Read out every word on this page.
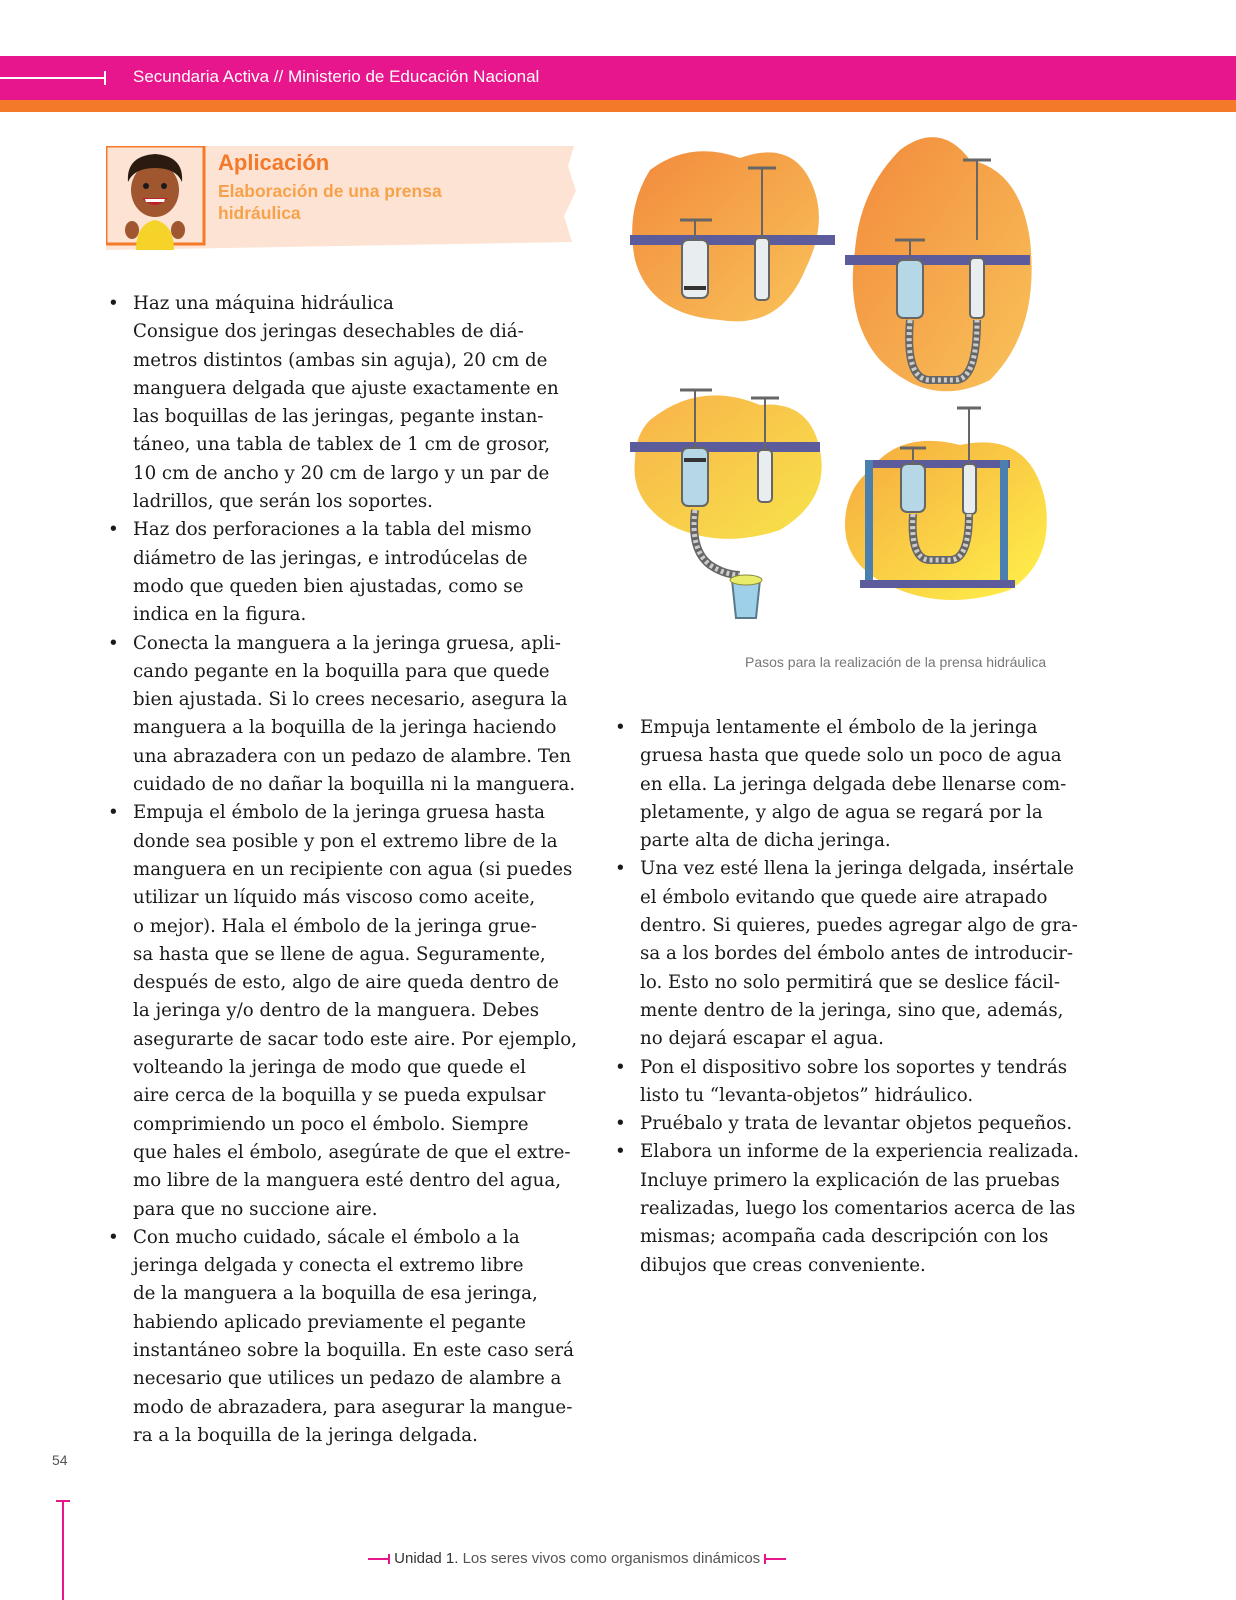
Secundaria Activa // Ministerio de Educación Nacional
Aplicación
Elaboración de una prensa hidráulica
• Haz una máquina hidráulica
Consigue dos jeringas desechables de diá-
metros distintos (ambas sin aguja), 20 cm de
manguera delgada que ajuste exactamente en
las boquillas de las jeringas, pegante instan-
táneo, una tabla de tablex de 1 cm de grosor,
10 cm de ancho y 20 cm de largo y un par de
ladrillos, que serán los soportes.
• Haz dos perforaciones a la tabla del mismo
diámetro de las jeringas, e introdúcelas de
modo que queden bien ajustadas, como se
indica en la figura.
• Conecta la manguera a la jeringa gruesa, apli-
cando pegante en la boquilla para que quede
bien ajustada. Si lo crees necesario, asegura la
manguera a la boquilla de la jeringa haciendo
una abrazadera con un pedazo de alambre. Ten
cuidado de no dañar la boquilla ni la manguera.
• Empuja el émbolo de la jeringa gruesa hasta
donde sea posible y pon el extremo libre de la
manguera en un recipiente con agua (si puedes
utilizar un líquido más viscoso como aceite,
o mejor). Hala el émbolo de la jeringa grue-
sa hasta que se llene de agua. Seguramente,
después de esto, algo de aire queda dentro de
la jeringa y/o dentro de la manguera. Debes
asegurarte de sacar todo este aire. Por ejemplo,
volteando la jeringa de modo que quede el
aire cerca de la boquilla y se pueda expulsar
comprimiendo un poco el émbolo. Siempre
que hales el émbolo, asegúrate de que el extre-
mo libre de la manguera esté dentro del agua,
para que no succione aire.
• Con mucho cuidado, sácale el émbolo a la
jeringa delgada y conecta el extremo libre
de la manguera a la boquilla de esa jeringa,
habiendo aplicado previamente el pegante
instantáneo sobre la boquilla. En este caso será
necesario que utilices un pedazo de alambre a
modo de abrazadera, para asegurar la mangue-
ra a la boquilla de la jeringa delgada.
Pasos para la realización de la prensa hidráulica
• Empuja lentamente el émbolo de la jeringa
gruesa hasta que quede solo un poco de agua
en ella. La jeringa delgada debe llenarse com-
pletamente, y algo de agua se regará por la
parte alta de dicha jeringa.
• Una vez esté llena la jeringa delgada, insértale
el émbolo evitando que quede aire atrapado
dentro. Si quieres, puedes agregar algo de gra-
sa a los bordes del émbolo antes de introducir-
lo. Esto no solo permitirá que se deslice fácil-
mente dentro de la jeringa, sino que, además,
no dejará escapar el agua.
• Pon el dispositivo sobre los soportes y tendrás
listo tu “levanta-objetos” hidráulico.
• Pruébalo y trata de levantar objetos pequeños.
• Elabora un informe de la experiencia realizada.
Incluye primero la explicación de las pruebas
realizadas, luego los comentarios acerca de las
mismas; acompaña cada descripción con los
dibujos que creas conveniente.
54
Unidad 1. Los seres vivos como organismos dinámicos
